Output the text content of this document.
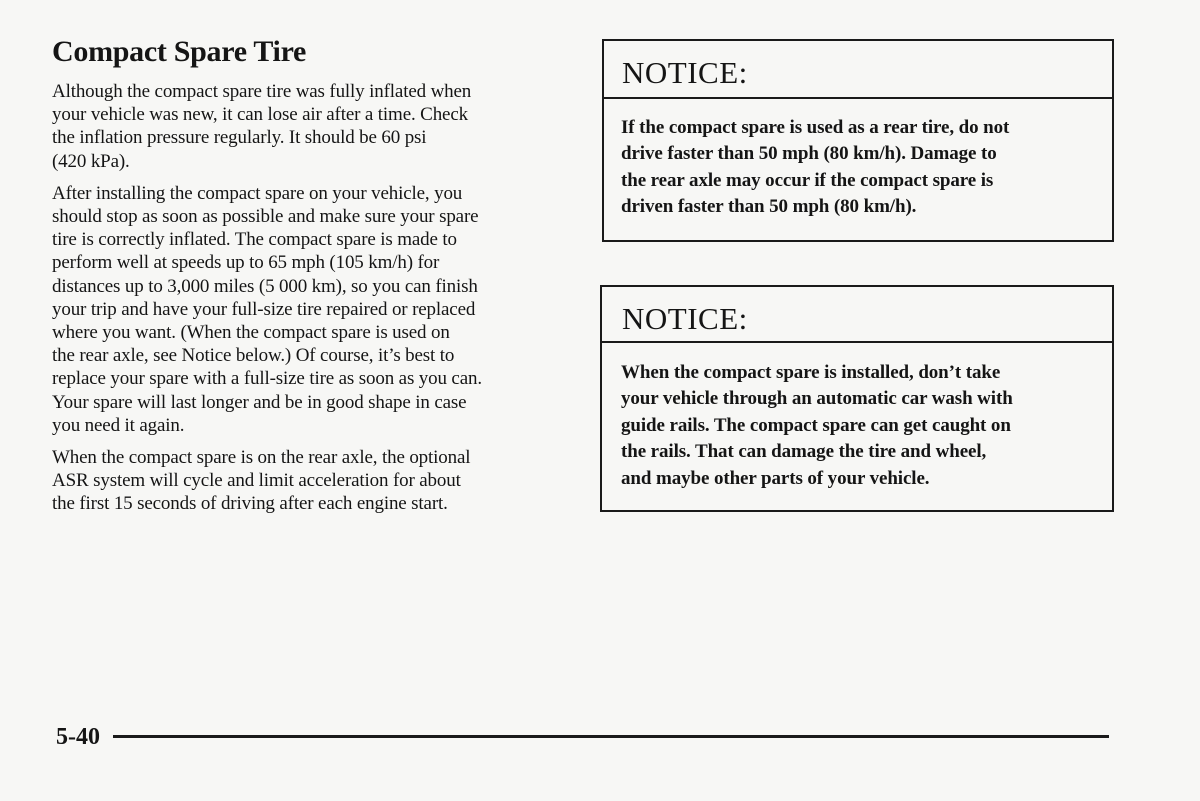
Compact Spare Tire

Although the compact spare tire was fully inflated when
your vehicle was new, it can lose air after a time. Check
the inflation pressure regularly. It should be 60 psi
(420 kPa).

After installing the compact spare on your vehicle, you
should stop as soon as possible and make sure your spare
tire is correctly inflated. The compact spare is made to
perform well at speeds up to 65 mph (105 km/h) for
distances up to 3,000 miles (5 000 km), so you can finish
your trip and have your full-size tire repaired or replaced
where you want. (When the compact spare is used on
the rear axle, see Notice below.) Of course, it’s best to
replace your spare with a full-size tire as soon as you can.
Your spare will last longer and be in good shape in case
you need it again.

When the compact spare is on the rear axle, the optional
ASR system will cycle and limit acceleration for about
the first 15 seconds of driving after each engine start.

NOTICE:
If the compact spare is used as a rear tire, do not
drive faster than 50 mph (80 km/h). Damage to
the rear axle may occur if the compact spare is
driven faster than 50 mph (80 km/h).
NOTICE:
When the compact spare is installed, don’t take
your vehicle through an automatic car wash with
guide rails. The compact spare can get caught on
the rails. That can damage the tire and wheel,
and maybe other parts of your vehicle.
5-40
